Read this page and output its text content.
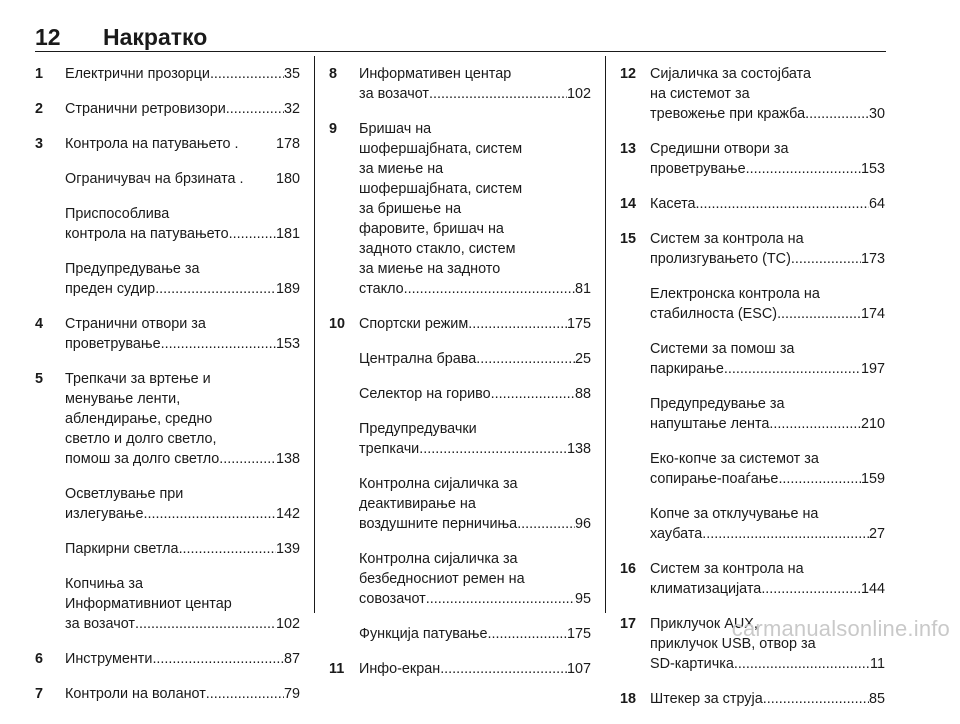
12 Накратко
1 Електрични прозорци .....	35
2 Странични ретровизори .....	32
3 Контрола на патувањето .	178
Ограничувач на брзината . 180
Приспособлива
контрола на патувањето .....	181
Предупредување за
преден судир .....	189
4 Странични отвори за
проветрување .....	153
5 Трепкачи за вртење и
менување ленти,
аблендирање, средно
светло и долго светло,
помош за долго светло .....	138
Осветлување при
излегување .....	142
Паркирни светла .....	139
Копчиња за
Информативниот центар
за возачот .....	102
6 Инструменти .....	87
7 Контроли на воланот .....	79
8 Информативен центар
за возачот .....	102
9 Бришач на
шофершајбната, систем
за миење на
шофершајбната, систем
за бришење на
фаровите, бришач на
задното стакло, систем
за миење на задното
стакло .....	81
10 Спортски режим .....	175
Централна брава .....	25
Селектор на гориво .....	88
Предупредувачки
трепкачи .....	138
Контролна сијаличка за
деактивирање на
воздушните перничиња .....	96
Контролна сијаличка за
безбедносниот ремен на
совозачот .....	95
Функција патување .....	175
11 Инфо-екран .....	107
12 Сијаличка за состојбата
на системот за
тревожење при кражба .....	30
13 Средишни отвори за
проветрување .....	153
14 Касета .....	64
15 Систем за контрола на
пролизгувањето (TC) .....	173
Електронска контрола на
стабилноста (ESC) .....	174
Системи за помош за
паркирање .....	197
Предупредување за
напуштање лента .....	210
Еко-копче за системот за
сопирање-поаѓање .....	159
Копче за отклучување на
хаубата .....	27
16 Систем за контрола на
климатизацијата .....	144
17 Приклучок AUX,
приклучок USB, отвор за
SD-картичка .....	11
18 Штекер за струја .....	85
carmanualsonline.info
